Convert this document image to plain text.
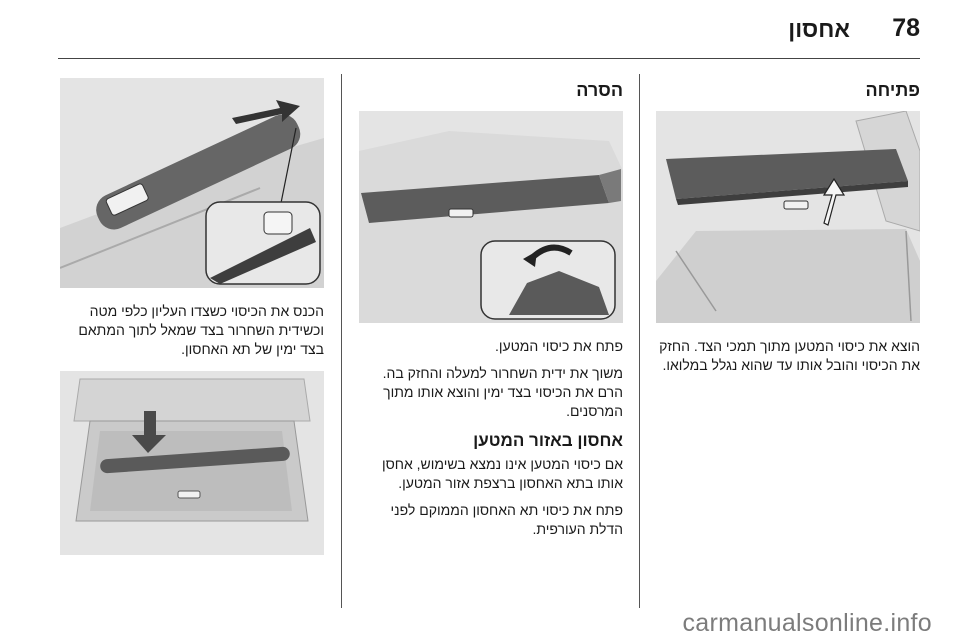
78
אחסון
פתיחה

הוצא את כיסוי המטען מתוך תמכי הצד. החזק את הכיסוי והובל אותו עד שהוא נגלל במלואו.

הסרה

פתח את כיסוי המטען.

משוך את ידית השחרור למעלה והחזק בה. הרם את הכיסוי בצד ימין והוצא אותו מתוך המרסנים.

אחסון באזור המטען

אם כיסוי המטען אינו נמצא בשימוש, אחסן אותו בתא האחסון ברצפת אזור המטען.

פתח את כיסוי תא האחסון הממוקם לפני הדלת העורפית.

הכנס את הכיסוי כשצדו העליון כלפי מטה וכשידית השחרור בצד שמאל לתוך המתאם בצד ימין של תא האחסון.

carmanualsonline.info
